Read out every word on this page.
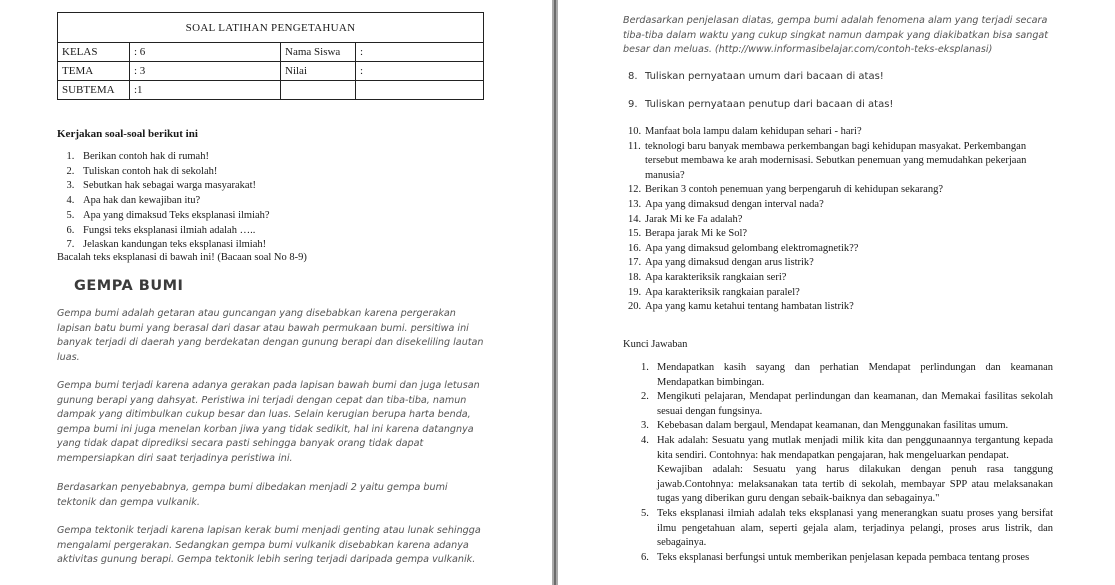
SOAL LATIHAN PENGETAHUAN			
KELAS	: 6	Nama Siswa	:
TEMA	: 3	Nilai	:
SUBTEMA	:1		
Kerjakan soal-soal berikut ini
1. Berikan contoh hak di rumah!
2. Tuliskan contoh hak di sekolah!
3. Sebutkan hak sebagai warga masyarakat!
4. Apa hak dan kewajiban itu?
5. Apa yang dimaksud Teks eksplanasi ilmiah?
6. Fungsi teks eksplanasi ilmiah adalah …..
7. Jelaskan kandungan teks eksplanasi ilmiah!
Bacalah teks eksplanasi di bawah ini! (Bacaan soal No 8-9)
GEMPA BUMI
Gempa bumi adalah getaran atau guncangan yang disebabkan karena pergerakan lapisan batu bumi yang berasal dari dasar atau bawah permukaan bumi. persitiwa ini banyak terjadi di daerah yang berdekatan dengan gunung berapi dan disekeliling lautan luas.
Gempa bumi terjadi karena adanya gerakan pada lapisan bawah bumi dan juga letusan gunung berapi yang dahsyat. Peristiwa ini terjadi dengan cepat dan tiba-tiba, namun dampak yang ditimbulkan cukup besar dan luas. Selain kerugian berupa harta benda, gempa bumi ini juga menelan korban jiwa yang tidak sedikit, hal ini karena datangnya yang tidak dapat diprediksi secara pasti sehingga banyak orang tidak dapat mempersiapkan diri saat terjadinya peristiwa ini.
Berdasarkan penyebabnya, gempa bumi dibedakan menjadi 2 yaitu gempa bumi tektonik dan gempa vulkanik.
Gempa tektonik terjadi karena lapisan kerak bumi menjadi genting atau lunak sehingga mengalami pergerakan. Sedangkan gempa bumi vulkanik disebabkan karena adanya aktivitas gunung berapi. Gempa tektonik lebih sering terjadi daripada gempa vulkanik.
Berdasarkan penjelasan diatas, gempa bumi adalah fenomena alam yang terjadi secara tiba-tiba dalam waktu yang cukup singkat namun dampak yang diakibatkan bisa sangat besar dan meluas. (http://www.informasibelajar.com/contoh-teks-eksplanasi)
8. Tuliskan pernyataan umum dari bacaan di atas!
9. Tuliskan pernyataan penutup dari bacaan di atas!
10. Manfaat bola lampu dalam kehidupan sehari - hari?
11. teknologi baru banyak membawa perkembangan bagi kehidupan masyakat. Perkembangan tersebut membawa ke arah modernisasi. Sebutkan penemuan yang memudahkan pekerjaan manusia?
12. Berikan 3 contoh penemuan yang berpengaruh di kehidupan sekarang?
13. Apa yang dimaksud dengan interval nada?
14. Jarak Mi ke Fa adalah?
15. Berapa jarak Mi ke Sol?
16. Apa yang dimaksud gelombang elektromagnetik??
17. Apa yang dimaksud dengan arus listrik?
18. Apa karakteriksik rangkaian seri?
19. Apa karakteriksik rangkaian paralel?
20. Apa yang kamu ketahui tentang hambatan listrik?
Kunci Jawaban
1. Mendapatkan kasih sayang dan perhatian Mendapat perlindungan dan keamanan Mendapatkan bimbingan.
2. Mengikuti pelajaran, Mendapat perlindungan dan keamanan, dan Memakai fasilitas sekolah sesuai dengan fungsinya.
3. Kebebasan dalam bergaul, Mendapat keamanan, dan Menggunakan fasilitas umum.
4. Hak adalah: Sesuatu yang mutlak menjadi milik kita dan penggunaannya tergantung kepada kita sendiri. Contohnya: hak mendapatkan pengajaran, hak mengeluarkan pendapat.
Kewajiban adalah: Sesuatu yang harus dilakukan dengan penuh rasa tanggung jawab.Contohnya: melaksanakan tata tertib di sekolah, membayar SPP atau melaksanakan tugas yang diberikan guru dengan sebaik-baiknya dan sebagainya."
5. Teks eksplanasi ilmiah adalah teks eksplanasi yang menerangkan suatu proses yang bersifat ilmu pengetahuan alam, seperti gejala alam, terjadinya pelangi, proses arus listrik, dan sebagainya.
6. Teks eksplanasi berfungsi untuk memberikan penjelasan kepada pembaca tentang proses
